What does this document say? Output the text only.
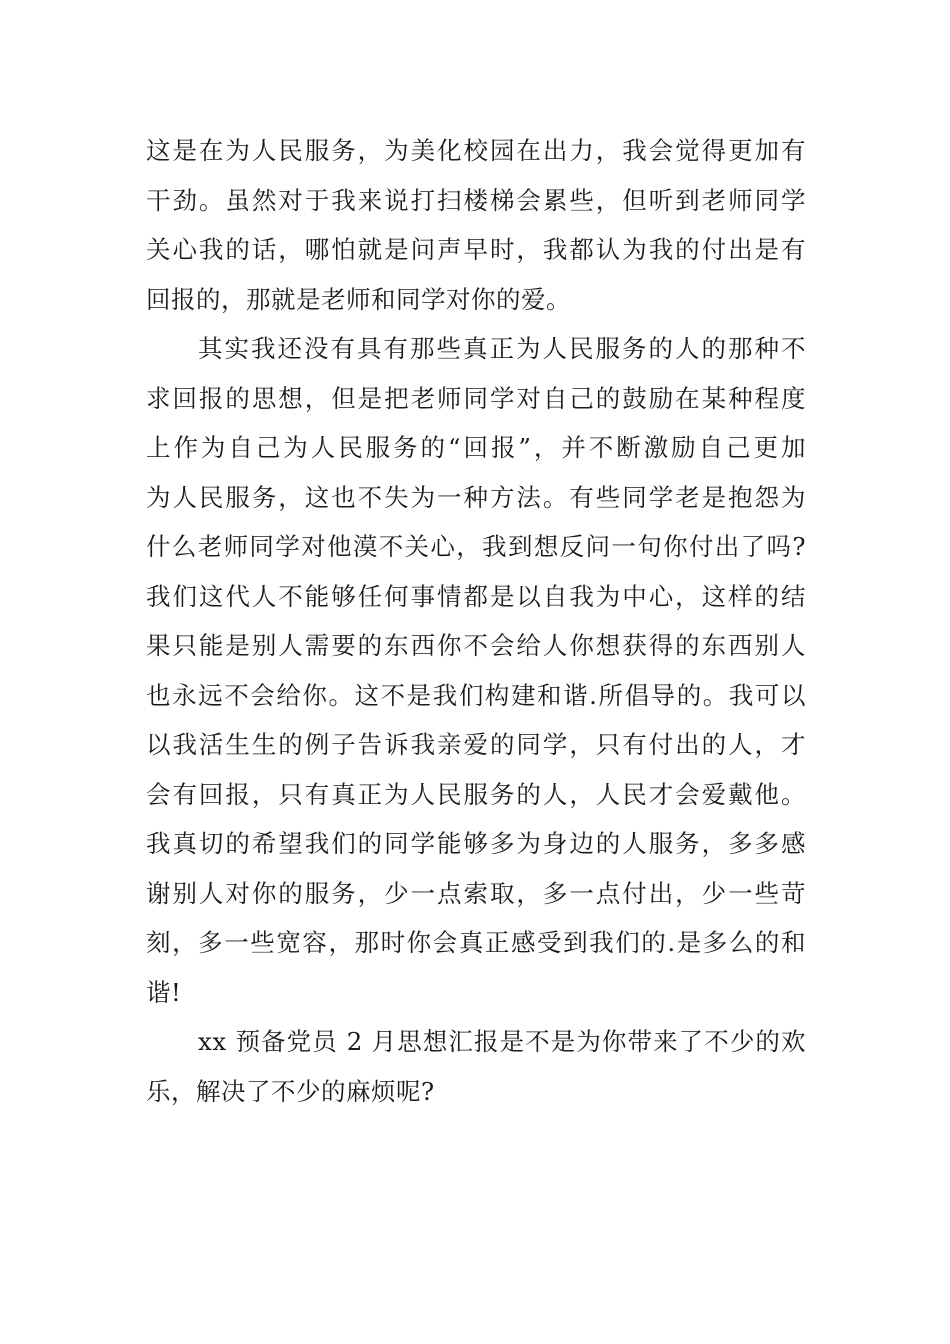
这是在为人民服务，为美化校园在出力，我会觉得更加有
干劲。虽然对于我来说打扫楼梯会累些，但听到老师同学
关心我的话，哪怕就是问声早时，我都认为我的付出是有
回报的，那就是老师和同学对你的爱。
其实我还没有具有那些真正为人民服务的人的那种不
求回报的思想，但是把老师同学对自己的鼓励在某种程度
上作为自己为人民服务的“回报”，并不断激励自己更加
为人民服务，这也不失为一种方法。有些同学老是抱怨为
什么老师同学对他漠不关心，我到想反问一句你付出了吗?
我们这代人不能够任何事情都是以自我为中心，这样的结
果只能是别人需要的东西你不会给人你想获得的东西别人
也永远不会给你。这不是我们构建和谐.所倡导的。我可以
以我活生生的例子告诉我亲爱的同学，只有付出的人，才
会有回报，只有真正为人民服务的人，人民才会爱戴他。
我真切的希望我们的同学能够多为身边的人服务，多多感
谢别人对你的服务，少一点索取，多一点付出，少一些苛
刻，多一些宽容，那时你会真正感受到我们的.是多么的和
谐!
xx 预备党员 2 月思想汇报是不是为你带来了不少的欢
乐，解决了不少的麻烦呢?
